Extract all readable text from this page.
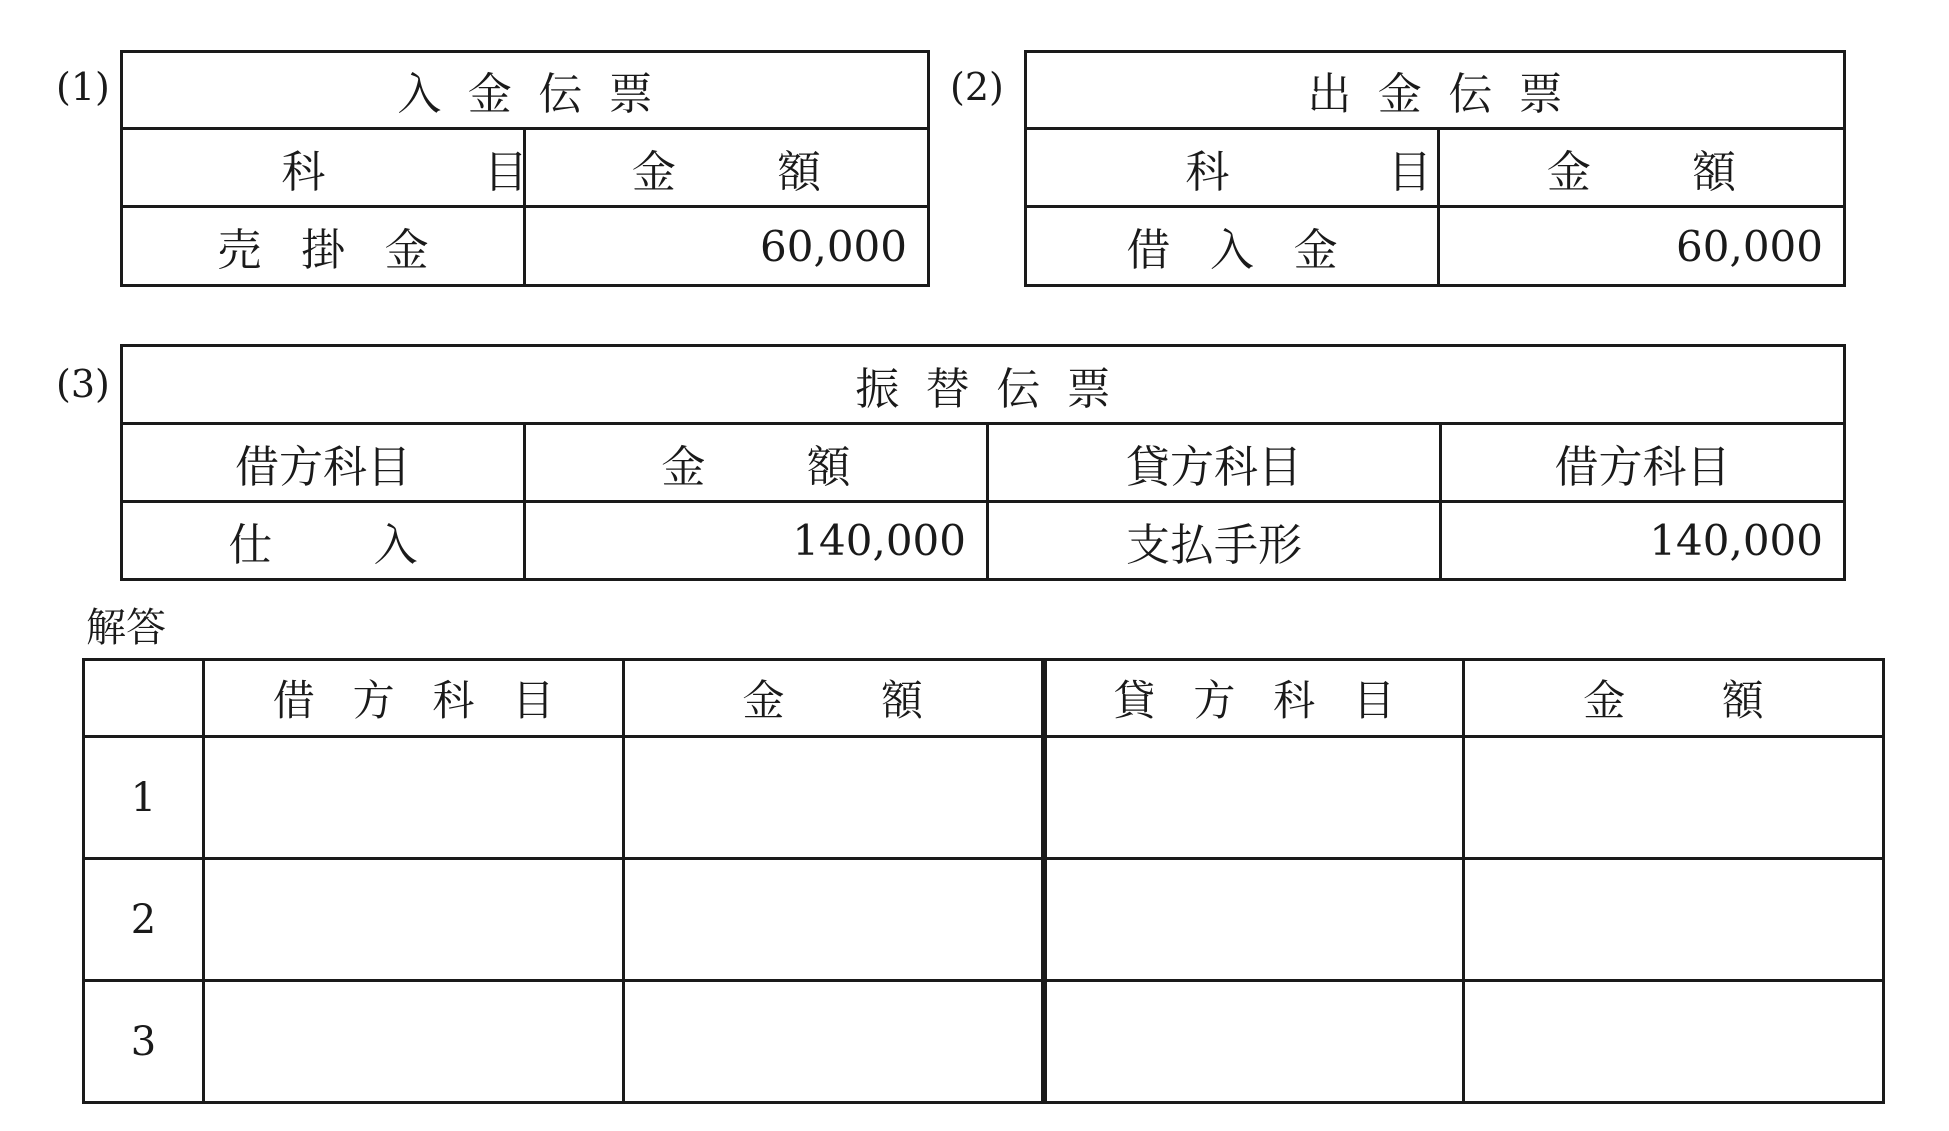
(1)	入金伝票	
科目	金額
売掛金	60,000
(2)	出金伝票	
科目	金額
借入金	60,000
(3)	振替伝票			
借方科目	金額	貸方科目	借方科目
仕入	140,000	支払手形	140,000
解答
	借方科目	金額	貸方科目	金額
1				
2				
3				
